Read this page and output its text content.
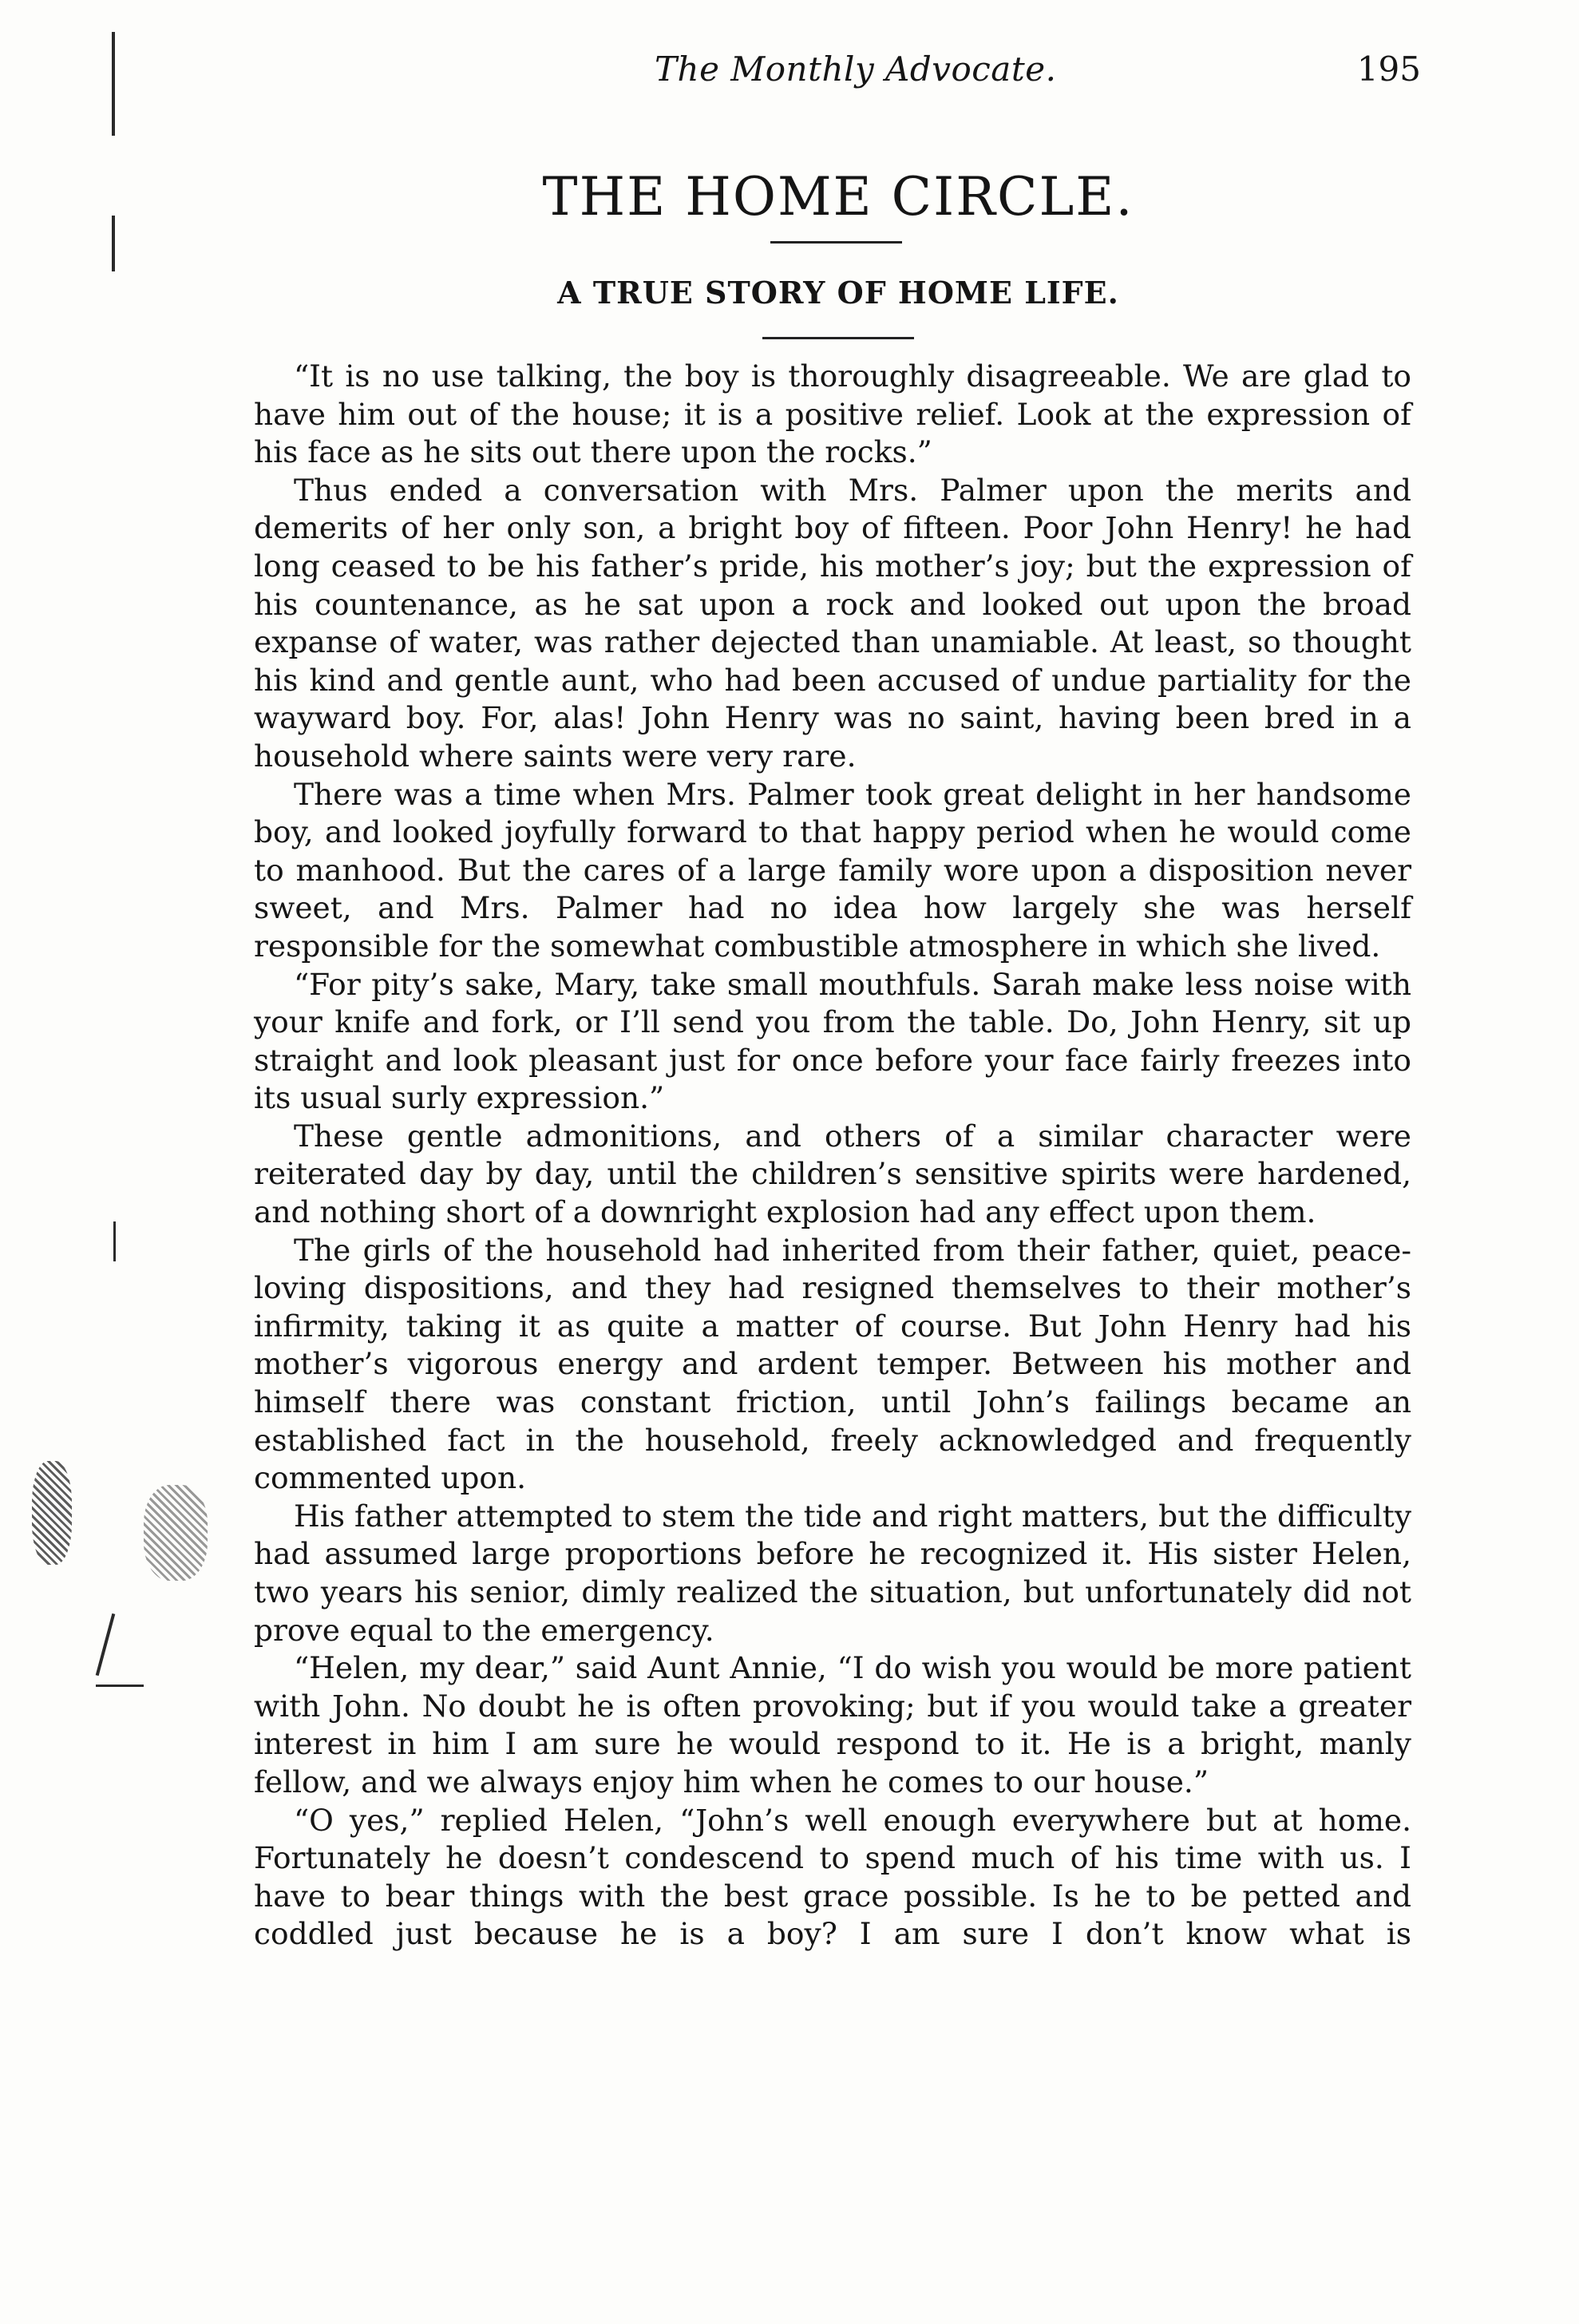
The Monthly Advocate.	195
THE HOME CIRCLE.
A TRUE STORY OF HOME LIFE.

“It is no use talking, the boy is thoroughly disagreeable. We are glad to have him out of the house; it is a positive relief. Look at the expression of his face as he sits out there upon the rocks.”

Thus ended a conversation with Mrs. Palmer upon the merits and demerits of her only son, a bright boy of fifteen. Poor John Henry! he had long ceased to be his father’s pride, his mother’s joy; but the expression of his countenance, as he sat upon a rock and looked out upon the broad expanse of water, was rather dejected than unamiable. At least, so thought his kind and gentle aunt, who had been accused of undue partiality for the wayward boy. For, alas! John Henry was no saint, having been bred in a household where saints were very rare.

There was a time when Mrs. Palmer took great delight in her handsome boy, and looked joyfully forward to that happy period when he would come to manhood. But the cares of a large family wore upon a disposition never sweet, and Mrs. Palmer had no idea how largely she was herself responsible for the somewhat combustible atmosphere in which she lived.

“For pity’s sake, Mary, take small mouthfuls. Sarah make less noise with your knife and fork, or I’ll send you from the table. Do, John Henry, sit up straight and look pleasant just for once before your face fairly freezes into its usual surly expression.”

These gentle admonitions, and others of a similar character were reiterated day by day, until the children’s sensitive spirits were hardened, and nothing short of a downright explosion had any effect upon them.

The girls of the household had inherited from their father, quiet, peace-loving dispositions, and they had resigned themselves to their mother’s infirmity, taking it as quite a matter of course. But John Henry had his mother’s vigorous energy and ardent temper. Between his mother and himself there was constant friction, until John’s failings became an established fact in the household, freely acknowledged and frequently commented upon.

His father attempted to stem the tide and right matters, but the difficulty had assumed large proportions before he recognized it. His sister Helen, two years his senior, dimly realized the situation, but unfortunately did not prove equal to the emergency.

“Helen, my dear,” said Aunt Annie, “I do wish you would be more patient with John. No doubt he is often provoking; but if you would take a greater interest in him I am sure he would respond to it. He is a bright, manly fellow, and we always enjoy him when he comes to our house.”

“O yes,” replied Helen, “John’s well enough everywhere but at home. Fortunately he doesn’t condescend to spend much of his time with us. I have to bear things with the best grace possible. Is he to be petted and coddled just because he is a boy? I am sure I don’t know what is
